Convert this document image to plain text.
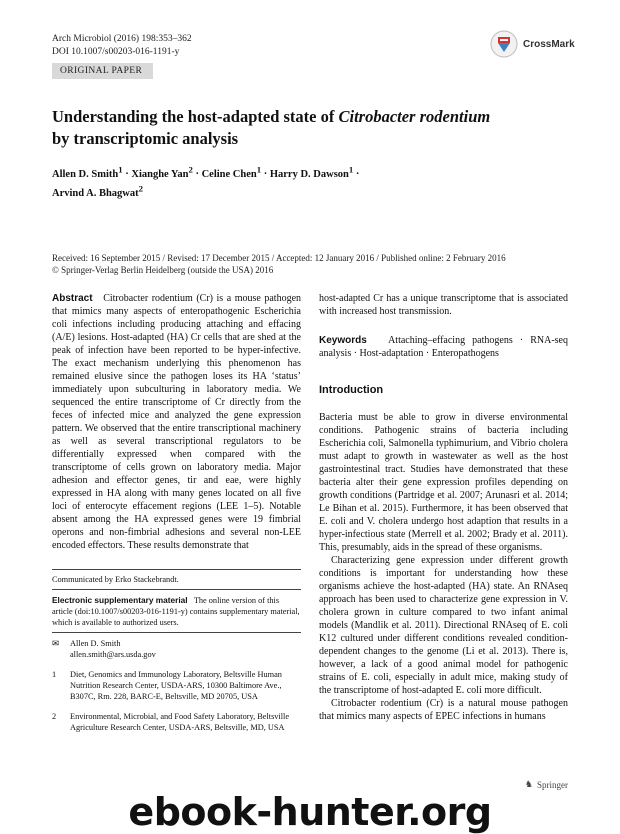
Arch Microbiol (2016) 198:353–362
DOI 10.1007/s00203-016-1191-y
CrossMark
ORIGINAL PAPER
Understanding the host-adapted state of Citrobacter rodentium
by transcriptomic analysis
Allen D. Smith$^1$ · Xianghe Yan$^2$ · Celine Chen$^1$ · Harry D. Dawson$^1$ ·
Arvind A. Bhagwat$^2$
Received: 16 September 2015 / Revised: 17 December 2015 / Accepted: 12 January 2016 / Published online: 2 February 2016
© Springer-Verlag Berlin Heidelberg (outside the USA) 2016

Abstract Citrobacter rodentium (Cr) is a mouse pathogen that mimics many aspects of enteropathogenic Escherichia coli infections including producing attaching and effacing (A/E) lesions. Host-adapted (HA) Cr cells that are shed at the peak of infection have been reported to be hyper-infective. The exact mechanism underlying this phenomenon has remained elusive since the pathogen loses its HA ‘status’ immediately upon subculturing in laboratory media. We sequenced the entire transcriptome of Cr directly from the feces of infected mice and analyzed the gene expression pattern. We observed that the entire transcriptional machinery as well as several transcriptional regulators to be differentially expressed when compared with the transcriptome of cells grown on laboratory media. Major adhesion and effector genes, tir and eae, were highly expressed in HA along with many genes located on all five loci of enterocyte effacement regions (LEE 1–5). Notable absent among the HA expressed genes were 19 fimbrial operons and non-fimbrial adhesions and several non-LEE encoded effectors. These results demonstrate that

Communicated by Erko Stackebrandt.
Electronic supplementary material The online version of this article (doi:10.1007/s00203-016-1191-y) contains supplementary material, which is available to authorized users.
✉	Allen D. Smith
allen.smith@ars.usda.gov
1	Diet, Genomics and Immunology Laboratory, Beltsville Human Nutrition Research Center, USDA-ARS, 10300 Baltimore Ave., B307C, Rm. 228, BARC-E, Beltsville, MD 20705, USA
2	Environmental, Microbial, and Food Safety Laboratory, Beltsville Agriculture Research Center, USDA-ARS, Beltsville, MD, USA

host-adapted Cr has a unique transcriptome that is associated with increased host transmission.

Keywords Attaching–effacing pathogens · RNA-seq analysis · Host-adaptation · Enteropathogens

Introduction

Bacteria must be able to grow in diverse environmental conditions. Pathogenic strains of bacteria including Escherichia coli, Salmonella typhimurium, and Vibrio cholera must adapt to growth in wastewater as well as the host gastrointestinal tract. Studies have demonstrated that these bacteria alter their gene expression profiles depending on growth conditions (Partridge et al. 2007; Arunasri et al. 2014; Le Bihan et al. 2015). Furthermore, it has been observed that E. coli and V. cholera undergo host adaption that results in a hyper-infectious state (Merrell et al. 2002; Brady et al. 2011). This, presumably, aids in the spread of these organisms.

Characterizing gene expression under different growth conditions is important for understanding how these organisms achieve the host-adapted (HA) state. An RNAseq approach has been used to characterize gene expression in V. cholera grown in culture compared to two infant animal models (Mandlik et al. 2011). Directional RNAseq of E. coli K12 cultured under different conditions revealed condition-dependent changes to the genome (Li et al. 2013). There is, however, a lack of a good animal model for pathogenic strains of E. coli, especially in adult mice, making study of the transcriptome of host-adapted E. coli more difficult.

Citrobacter rodentium (Cr) is a natural mouse pathogen that mimics many aspects of EPEC infections in humans

♞ Springer
ebook-hunter.org
